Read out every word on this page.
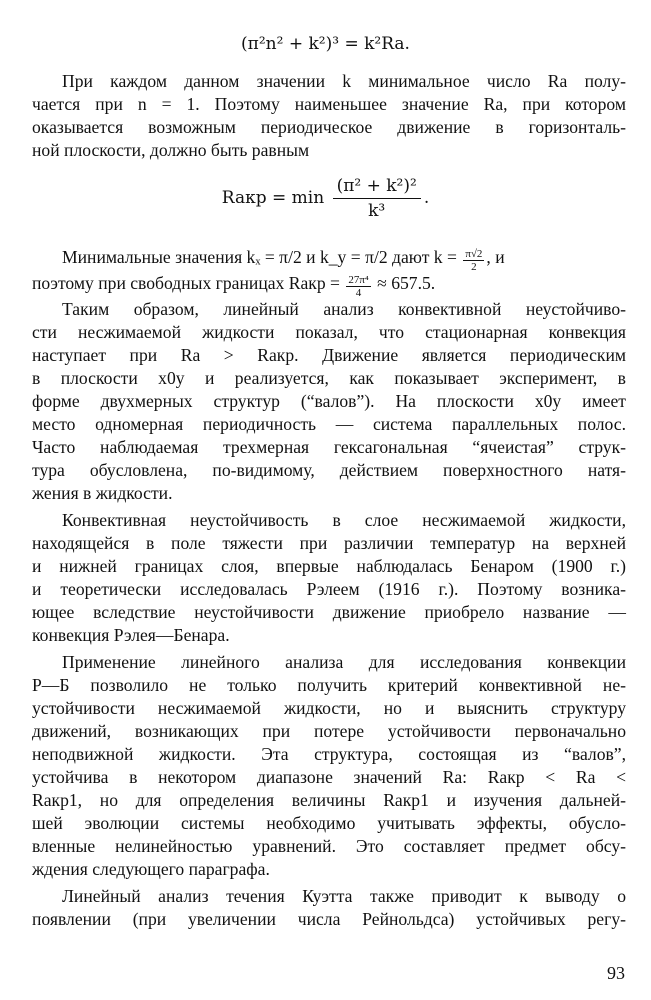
(π²n² + k²)³ = k²Ra.
При каждом данном значении k минимальное число Ra полу-
чается при n = 1. Поэтому наименьшее значение Ra, при котором
оказывается возможным периодическое движение в горизонталь-
ной плоскости, должно быть равным
Raкр = $\min \frac{\text{(π² + k²)²}}{\text{k³}}$ .
Минимальные значения kₓ = π/2 и k_y = π/2 дают $k = \frac{\pi√2}{2}$ , и
поэтому при свободных границах Raкр = $\frac{\text{27π⁴}}{4} \approx 657.5$.
Таким образом, линейный анализ конвективной неустойчиво-
сти несжимаемой жидкости показал, что стационарная конвекция
наступает при Ra > Raкр. Движение является периодическим
в плоскости x0y и реализуется, как показывает эксперимент, в
форме двухмерных структур (“валов”). На плоскости x0y имеет
место одномерная периодичность — система параллельных полос.
Часто наблюдаемая трехмерная гексагональная “ячеистая” струк-
тура обусловлена, по-видимому, действием поверхностного натя-
жения в жидкости.
Конвективная неустойчивость в слое несжимаемой жидкости,
находящейся в поле тяжести при различии температур на верхней
и нижней границах слоя, впервые наблюдалась Бенаром (1900 г.)
и теоретически исследовалась Рэлеем (1916 г.). Поэтому возника-
ющее вследствие неустойчивости движение приобрело название —
конвекция Рэлея—Бенара.
Применение линейного анализа для исследования конвекции
Р—Б позволило не только получить критерий конвективной не-
устойчивости несжимаемой жидкости, но и выяснить структуру
движений, возникающих при потере устойчивости первоначально
неподвижной жидкости. Эта структура, состоящая из “валов”,
устойчива в некотором диапазоне значений Ra: Raкр < Ra <
Raкр1, но для определения величины Raкр1 и изучения дальней-
шей эволюции системы необходимо учитывать эффекты, обусло-
вленные нелинейностью уравнений. Это составляет предмет обсу-
ждения следующего параграфа.
Линейный анализ течения Куэтта также приводит к выводу о
появлении (при увеличении числа Рейнольдса) устойчивых регу-
93
